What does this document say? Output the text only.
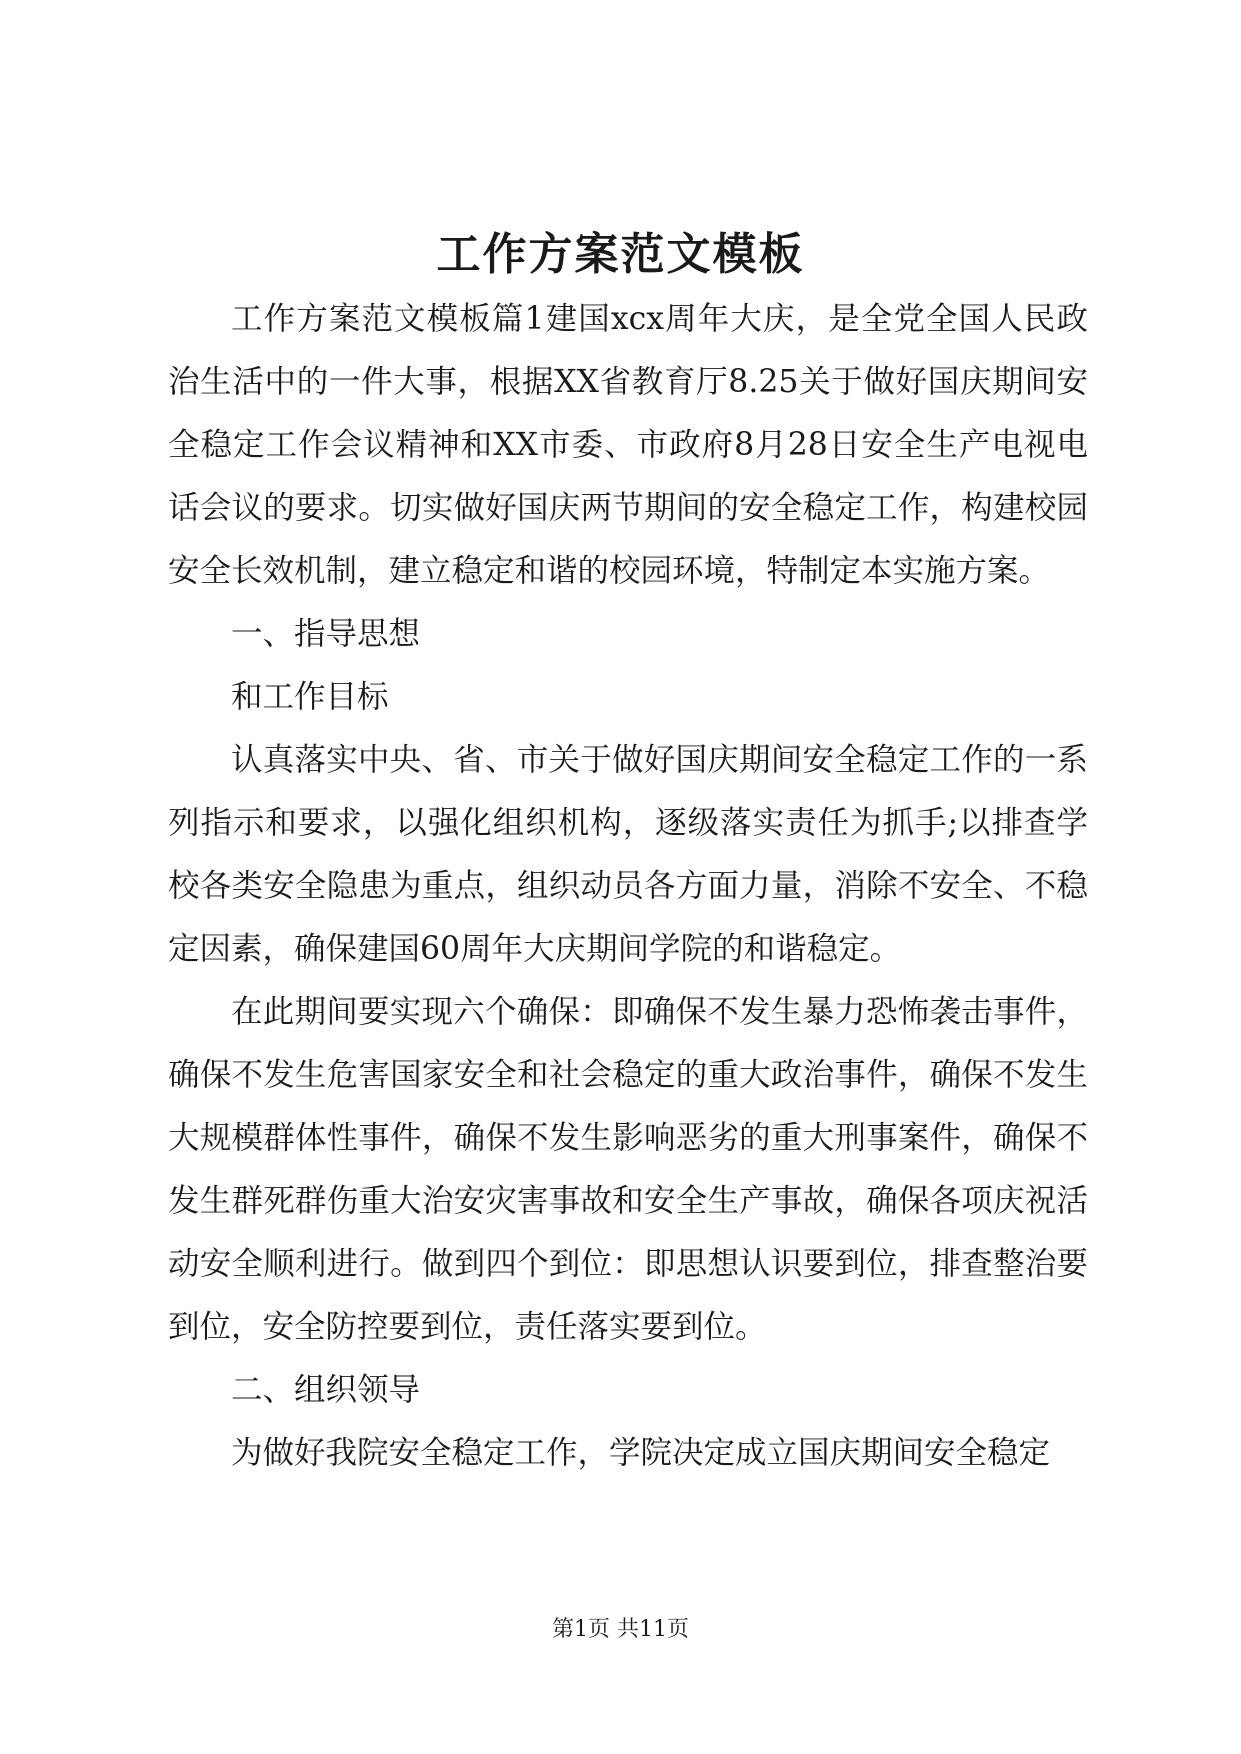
工作方案范文模板

工作方案范文模板篇1建国xcx周年大庆，是全党全国人民政治生活中的一件大事，根据XX省教育厅8.25关于做好国庆期间安全稳定工作会议精神和XX市委、市政府8月28日安全生产电视电话会议的要求。切实做好国庆两节期间的安全稳定工作，构建校园安全长效机制，建立稳定和谐的校园环境，特制定本实施方案。

一、指导思想

和工作目标

认真落实中央、省、市关于做好国庆期间安全稳定工作的一系列指示和要求，以强化组织机构，逐级落实责任为抓手;以排查学校各类安全隐患为重点，组织动员各方面力量，消除不安全、不稳定因素，确保建国60周年大庆期间学院的和谐稳定。

在此期间要实现六个确保：即确保不发生暴力恐怖袭击事件，确保不发生危害国家安全和社会稳定的重大政治事件，确保不发生大规模群体性事件，确保不发生影响恶劣的重大刑事案件，确保不发生群死群伤重大治安灾害事故和安全生产事故，确保各项庆祝活动安全顺利进行。做到四个到位：即思想认识要到位，排查整治要到位，安全防控要到位，责任落实要到位。

二、组织领导

为做好我院安全稳定工作，学院决定成立国庆期间安全稳定

第1页 共11页
